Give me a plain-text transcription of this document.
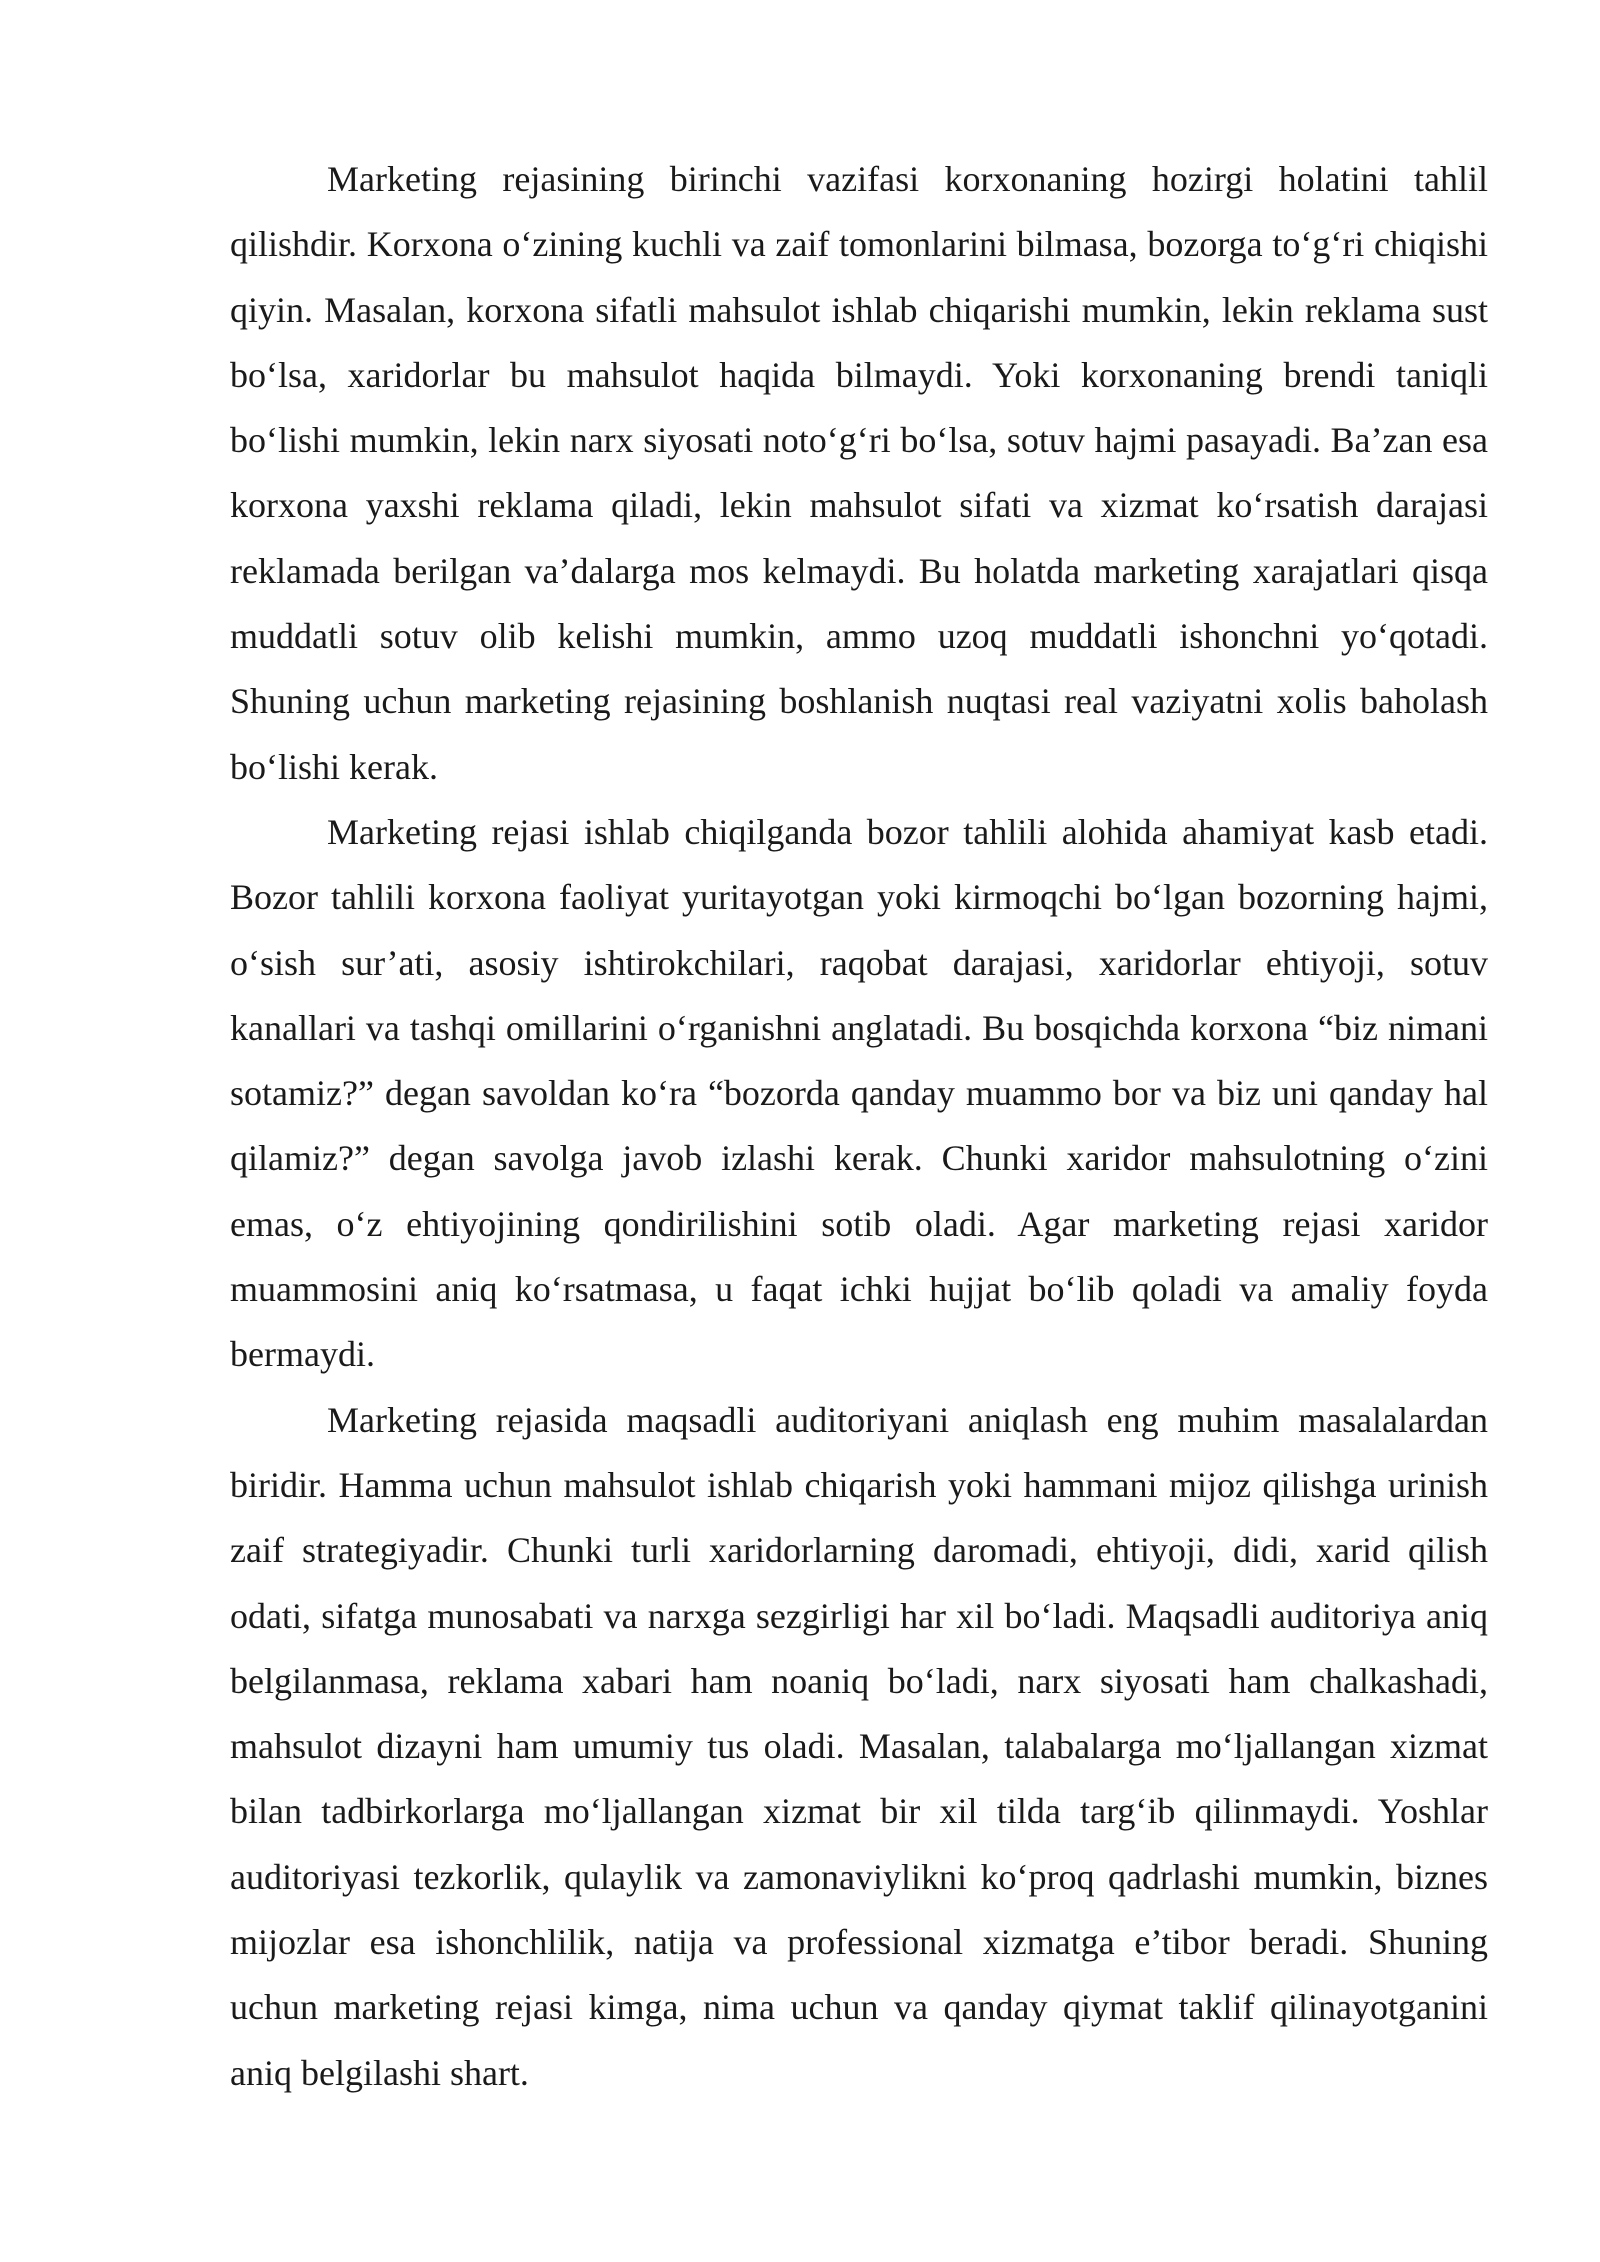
Marketing rejasining birinchi vazifasi korxonaning hozirgi holatini tahlil qilishdir. Korxona oʻzining kuchli va zaif tomonlarini bilmasa, bozorga toʻgʻri chiqishi qiyin. Masalan, korxona sifatli mahsulot ishlab chiqarishi mumkin, lekin reklama sust boʻlsa, xaridorlar bu mahsulot haqida bilmaydi. Yoki korxonaning brendi taniqli boʻlishi mumkin, lekin narx siyosati notoʻgʻri boʻlsa, sotuv hajmi pasayadi. Ba’zan esa korxona yaxshi reklama qiladi, lekin mahsulot sifati va xizmat koʻrsatish darajasi reklamada berilgan va’dalarga mos kelmaydi. Bu holatda marketing xarajatlari qisqa muddatli sotuv olib kelishi mumkin, ammo uzoq muddatli ishonchni yoʻqotadi. Shuning uchun marketing rejasining boshlanish nuqtasi real vaziyatni xolis baholash boʻlishi kerak.

Marketing rejasi ishlab chiqilganda bozor tahlili alohida ahamiyat kasb etadi. Bozor tahlili korxona faoliyat yuritayotgan yoki kirmoqchi boʻlgan bozorning hajmi, oʻsish sur’ati, asosiy ishtirokchilari, raqobat darajasi, xaridorlar ehtiyoji, sotuv kanallari va tashqi omillarini oʻrganishni anglatadi. Bu bosqichda korxona “biz nimani sotamiz?” degan savoldan koʻra “bozorda qanday muammo bor va biz uni qanday hal qilamiz?” degan savolga javob izlashi kerak. Chunki xaridor mahsulotning oʻzini emas, oʻz ehtiyojining qondirilishini sotib oladi. Agar marketing rejasi xaridor muammosini aniq koʻrsatmasa, u faqat ichki hujjat boʻlib qoladi va amaliy foyda bermaydi.

Marketing rejasida maqsadli auditoriyani aniqlash eng muhim masalalardan biridir. Hamma uchun mahsulot ishlab chiqarish yoki hammani mijoz qilishga urinish zaif strategiyadir. Chunki turli xaridorlarning daromadi, ehtiyoji, didi, xarid qilish odati, sifatga munosabati va narxga sezgirligi har xil boʻladi. Maqsadli auditoriya aniq belgilanmasa, reklama xabari ham noaniq boʻladi, narx siyosati ham chalkashadi, mahsulot dizayni ham umumiy tus oladi. Masalan, talabalarga moʻljallangan xizmat bilan tadbirkorlarga moʻljallangan xizmat bir xil tilda targʻib qilinmaydi. Yoshlar auditoriyasi tezkorlik, qulaylik va zamonaviylikni koʻproq qadrlashi mumkin, biznes mijozlar esa ishonchlilik, natija va professional xizmatga e’tibor beradi. Shuning uchun marketing rejasi kimga, nima uchun va qanday qiymat taklif qilinayotganini aniq belgilashi shart.
